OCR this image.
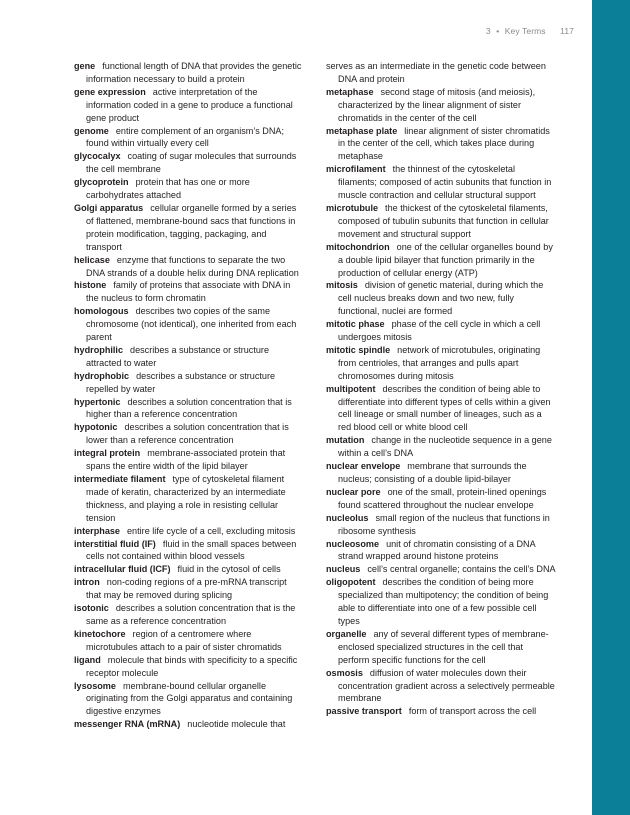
3 • Key Terms 117

gene functional length of DNA that provides the genetic information necessary to build a protein

gene expression active interpretation of the information coded in a gene to produce a functional gene product

genome entire complement of an organism’s DNA; found within virtually every cell

glycocalyx coating of sugar molecules that surrounds the cell membrane

glycoprotein protein that has one or more carbohydrates attached

Golgi apparatus cellular organelle formed by a series of flattened, membrane-bound sacs that functions in protein modification, tagging, packaging, and transport

helicase enzyme that functions to separate the two DNA strands of a double helix during DNA replication

histone family of proteins that associate with DNA in the nucleus to form chromatin

homologous describes two copies of the same chromosome (not identical), one inherited from each parent

hydrophilic describes a substance or structure attracted to water

hydrophobic describes a substance or structure repelled by water

hypertonic describes a solution concentration that is higher than a reference concentration

hypotonic describes a solution concentration that is lower than a reference concentration

integral protein membrane-associated protein that spans the entire width of the lipid bilayer

intermediate filament type of cytoskeletal filament made of keratin, characterized by an intermediate thickness, and playing a role in resisting cellular tension

interphase entire life cycle of a cell, excluding mitosis

interstitial fluid (IF) fluid in the small spaces between cells not contained within blood vessels

intracellular fluid (ICF) fluid in the cytosol of cells

intron non-coding regions of a pre-mRNA transcript that may be removed during splicing

isotonic describes a solution concentration that is the same as a reference concentration

kinetochore region of a centromere where microtubules attach to a pair of sister chromatids

ligand molecule that binds with specificity to a specific receptor molecule

lysosome membrane-bound cellular organelle originating from the Golgi apparatus and containing digestive enzymes

messenger RNA (mRNA) nucleotide molecule that

serves as an intermediate in the genetic code between DNA and protein

metaphase second stage of mitosis (and meiosis), characterized by the linear alignment of sister chromatids in the center of the cell

metaphase plate linear alignment of sister chromatids in the center of the cell, which takes place during metaphase

microfilament the thinnest of the cytoskeletal filaments; composed of actin subunits that function in muscle contraction and cellular structural support

microtubule the thickest of the cytoskeletal filaments, composed of tubulin subunits that function in cellular movement and structural support

mitochondrion one of the cellular organelles bound by a double lipid bilayer that function primarily in the production of cellular energy (ATP)

mitosis division of genetic material, during which the cell nucleus breaks down and two new, fully functional, nuclei are formed

mitotic phase phase of the cell cycle in which a cell undergoes mitosis

mitotic spindle network of microtubules, originating from centrioles, that arranges and pulls apart chromosomes during mitosis

multipotent describes the condition of being able to differentiate into different types of cells within a given cell lineage or small number of lineages, such as a red blood cell or white blood cell

mutation change in the nucleotide sequence in a gene within a cell’s DNA

nuclear envelope membrane that surrounds the nucleus; consisting of a double lipid-bilayer

nuclear pore one of the small, protein-lined openings found scattered throughout the nuclear envelope

nucleolus small region of the nucleus that functions in ribosome synthesis

nucleosome unit of chromatin consisting of a DNA strand wrapped around histone proteins

nucleus cell’s central organelle; contains the cell’s DNA

oligopotent describes the condition of being more specialized than multipotency; the condition of being able to differentiate into one of a few possible cell types

organelle any of several different types of membrane-enclosed specialized structures in the cell that perform specific functions for the cell

osmosis diffusion of water molecules down their concentration gradient across a selectively permeable membrane

passive transport form of transport across the cell
